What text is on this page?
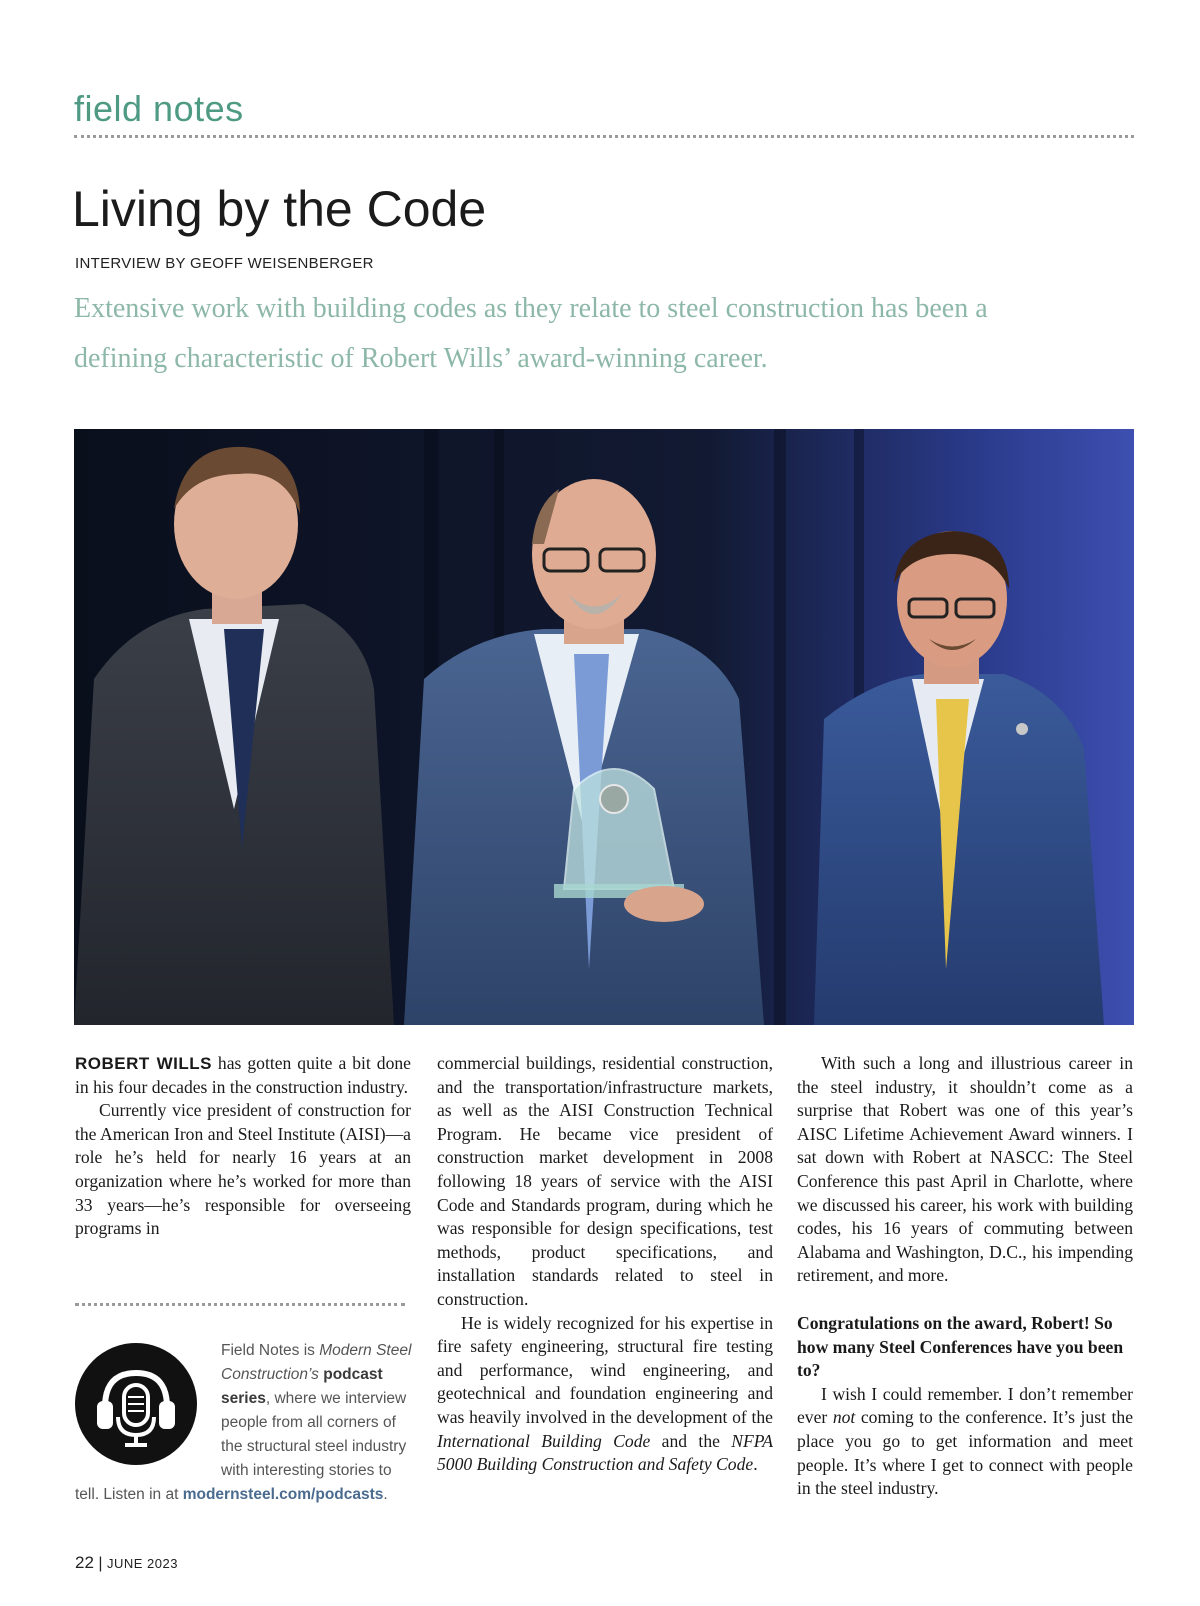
field notes
Living by the Code
INTERVIEW BY GEOFF WEISENBERGER
Extensive work with building codes as they relate to steel construction has been a defining characteristic of Robert Wills’ award-winning career.

ROBERT WILLS has gotten quite a bit done in his four decades in the construction industry.

Currently vice president of construction for the American Iron and Steel Institute (AISI)—a role he’s held for nearly 16 years at an organization where he’s worked for more than 33 years—he’s responsible for overseeing programs in

commercial buildings, residential construction, and the transportation/infrastructure markets, as well as the AISI Construction Technical Program. He became vice president of construction market development in 2008 following 18 years of service with the AISI Code and Standards program, during which he was responsible for design specifications, test methods, product specifications, and installation standards related to steel in construction.

He is widely recognized for his expertise in fire safety engineering, structural fire testing and performance, wind engineering, and geotechnical and foundation engineering and was heavily involved in the development of the International Building Code and the NFPA 5000 Building Construction and Safety Code.

With such a long and illustrious career in the steel industry, it shouldn’t come as a surprise that Robert was one of this year’s AISC Lifetime Achievement Award winners. I sat down with Robert at NASCC: The Steel Conference this past April in Charlotte, where we discussed his career, his work with building codes, his 16 years of commuting between Alabama and Washington, D.C., his impending retirement, and more.

Congratulations on the award, Robert! So how many Steel Conferences have you been to?

I wish I could remember. I don’t remember ever not coming to the conference. It’s just the place you go to get information and meet people. It’s where I get to connect with people in the steel industry.

Field Notes is Modern Steel Construction’s podcast series, where we interview people from all corners of the structural steel industry with interesting stories to tell. Listen in at modernsteel.com/podcasts.
22 | JUNE 2023
